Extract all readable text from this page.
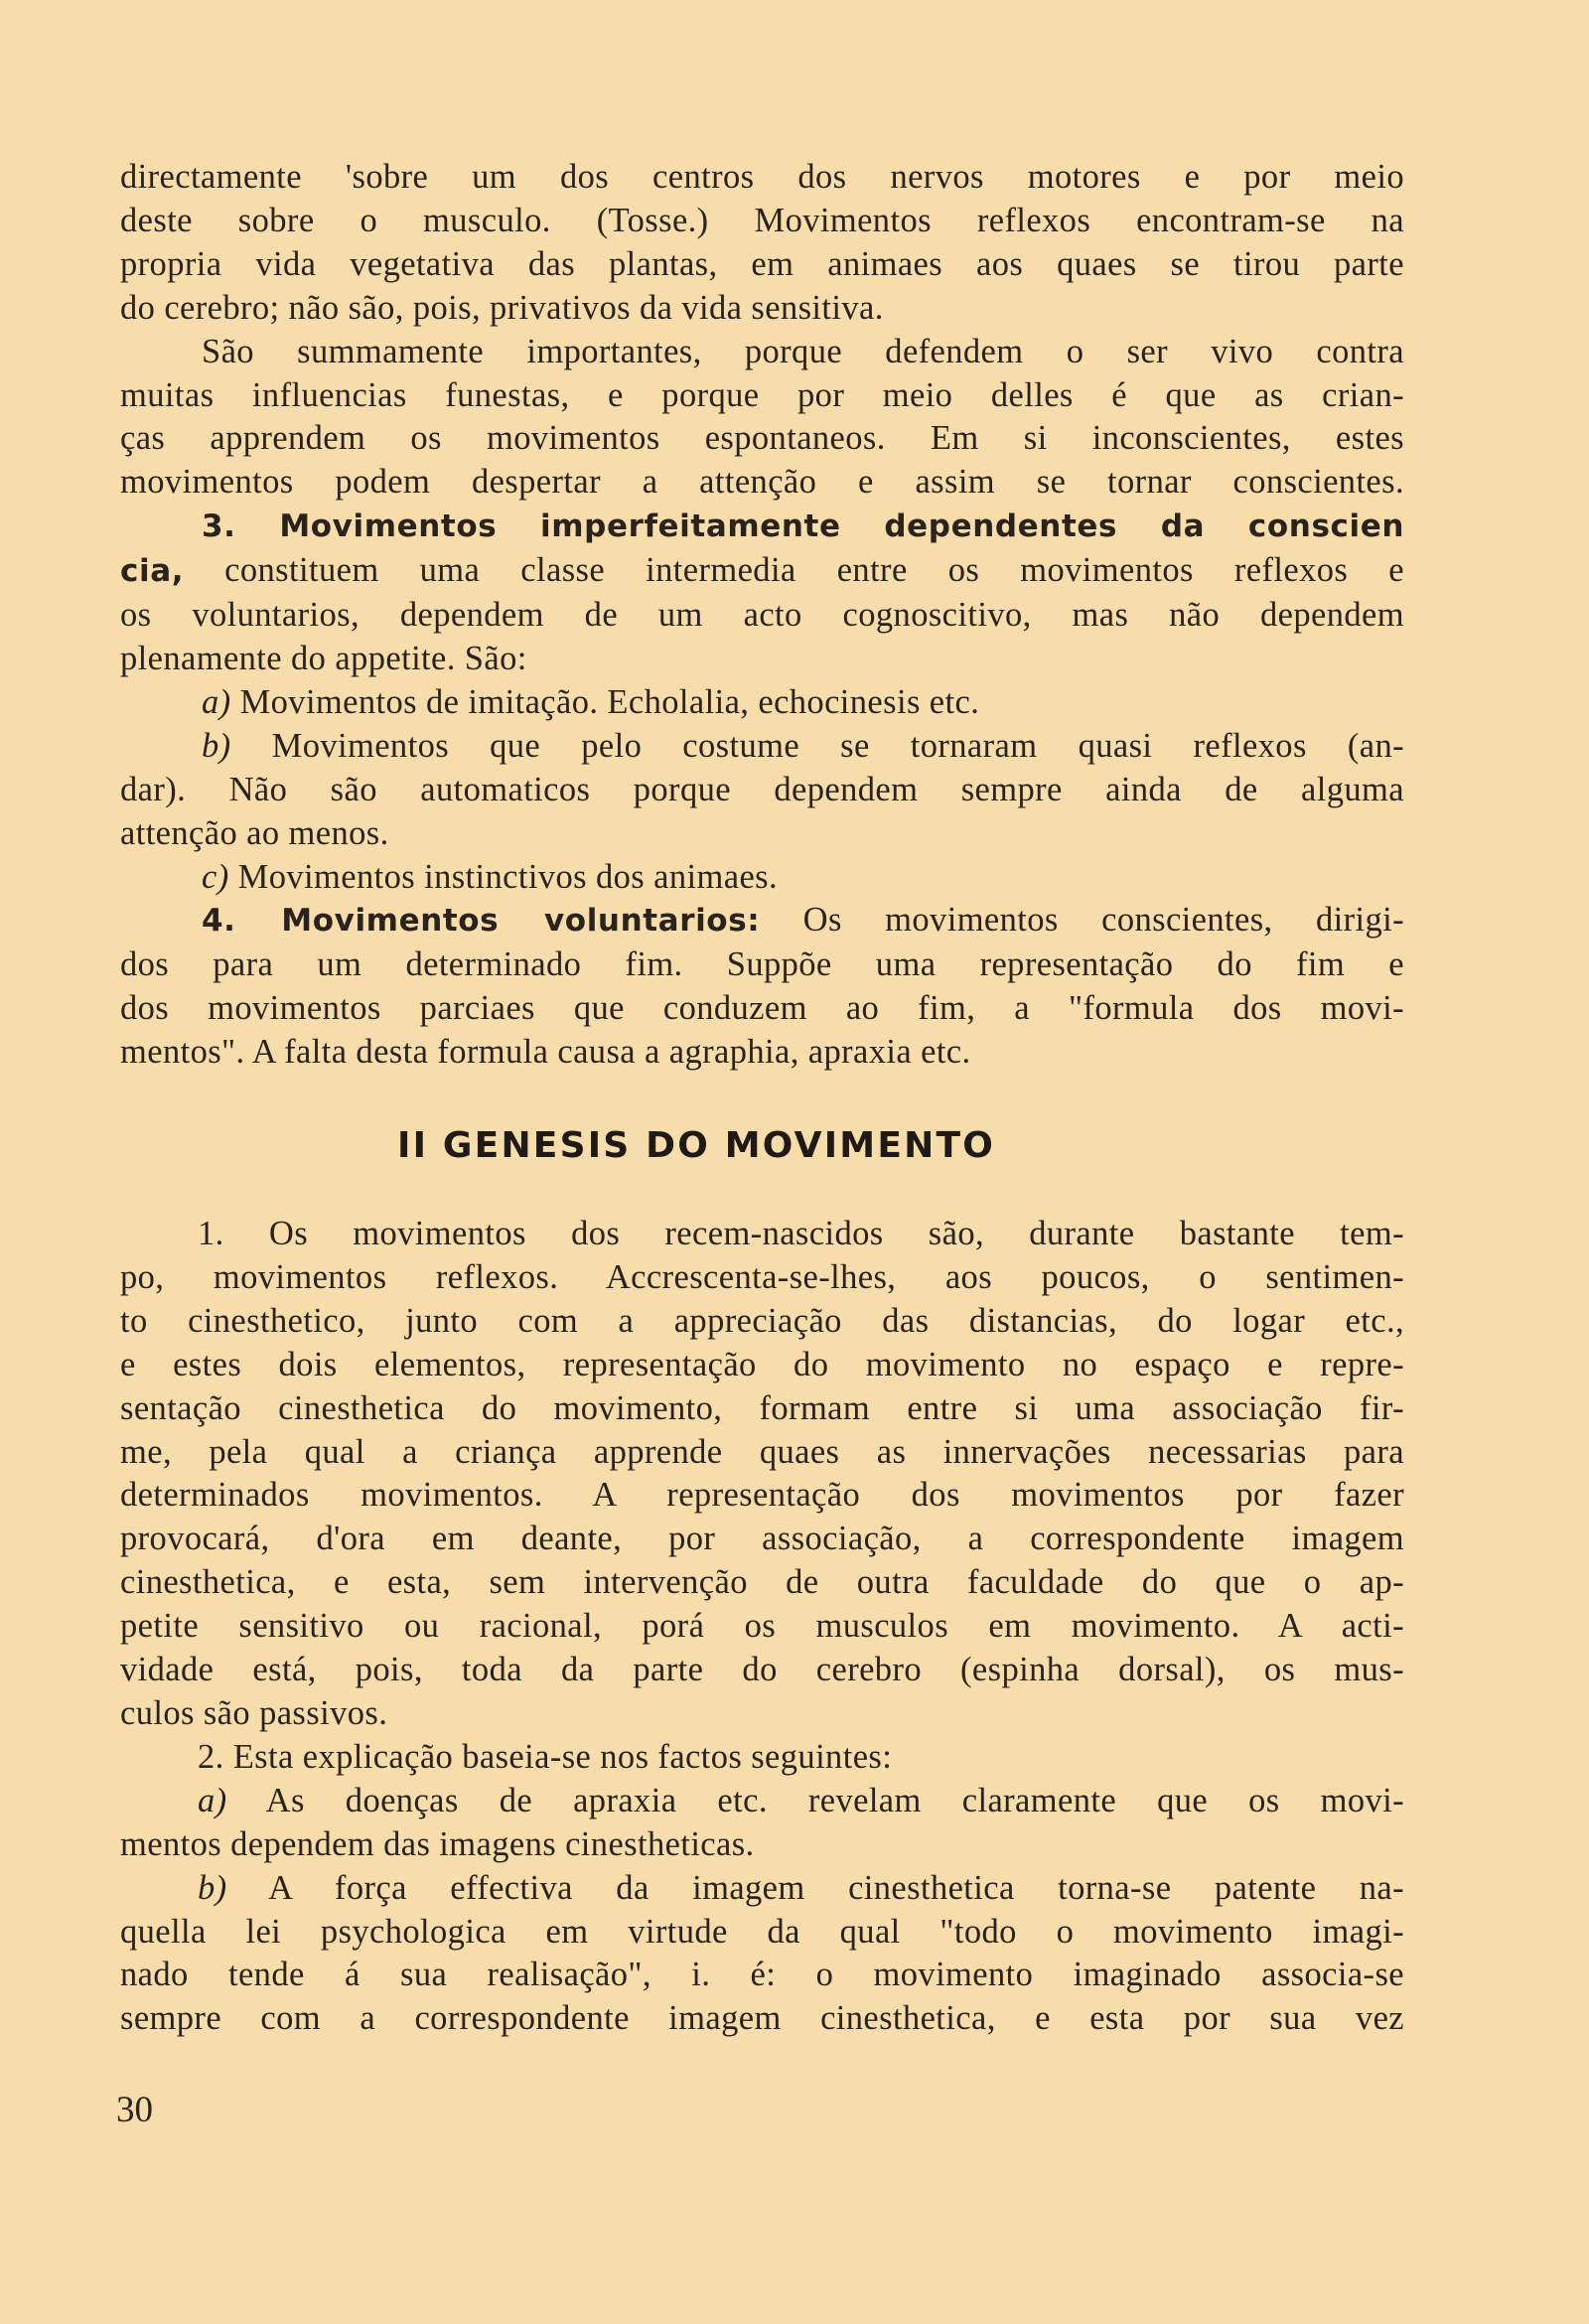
directamente 'sobre um dos centros dos nervos motores e por meio
deste sobre o musculo. (Tosse.) Movimentos reflexos encontram-se na
propria vida vegetativa das plantas, em animaes aos quaes se tirou parte
do cerebro; não são, pois, privativos da vida sensitiva.
São summamente importantes, porque defendem o ser vivo contra
muitas influencias funestas, e porque por meio delles é que as crian-
ças apprendem os movimentos espontaneos. Em si inconscientes, estes
movimentos podem despertar a attenção e assim se tornar conscientes.
3. Movimentos imperfeitamente dependentes da conscien
cia, constituem uma classe intermedia entre os movimentos reflexos e
os voluntarios, dependem de um acto cognoscitivo, mas não dependem
plenamente do appetite. São:
a) Movimentos de imitação. Echolalia, echocinesis etc.
b) Movimentos que pelo costume se tornaram quasi reflexos (an-
dar). Não são automaticos porque dependem sempre ainda de alguma
attenção ao menos.
c) Movimentos instinctivos dos animaes.
4. Movimentos voluntarios: Os movimentos conscientes, dirigi-
dos para um determinado fim. Suppõe uma representação do fim e
dos movimentos parciaes que conduzem ao fim, a "formula dos movi-
mentos". A falta desta formula causa a agraphia, apraxia etc.
II GENESIS DO MOVIMENTO
1. Os movimentos dos recem-nascidos são, durante bastante tem-
po, movimentos reflexos. Accrescenta-se-lhes, aos poucos, o sentimen-
to cinesthetico, junto com a appreciação das distancias, do logar etc.,
e estes dois elementos, representação do movimento no espaço e repre-
sentação cinesthetica do movimento, formam entre si uma associação fir-
me, pela qual a criança apprende quaes as innervações necessarias para
determinados movimentos. A representação dos movimentos por fazer
provocará, d'ora em deante, por associação, a correspondente imagem
cinesthetica, e esta, sem intervenção de outra faculdade do que o ap-
petite sensitivo ou racional, porá os musculos em movimento. A acti-
vidade está, pois, toda da parte do cerebro (espinha dorsal), os mus-
culos são passivos.
2. Esta explicação baseia-se nos factos seguintes:
a) As doenças de apraxia etc. revelam claramente que os movi-
mentos dependem das imagens cinestheticas.
b) A força effectiva da imagem cinesthetica torna-se patente na-
quella lei psychologica em virtude da qual "todo o movimento imagi-
nado tende á sua realisação", i. é: o movimento imaginado associa-se
sempre com a correspondente imagem cinesthetica, e esta por sua vez
30
